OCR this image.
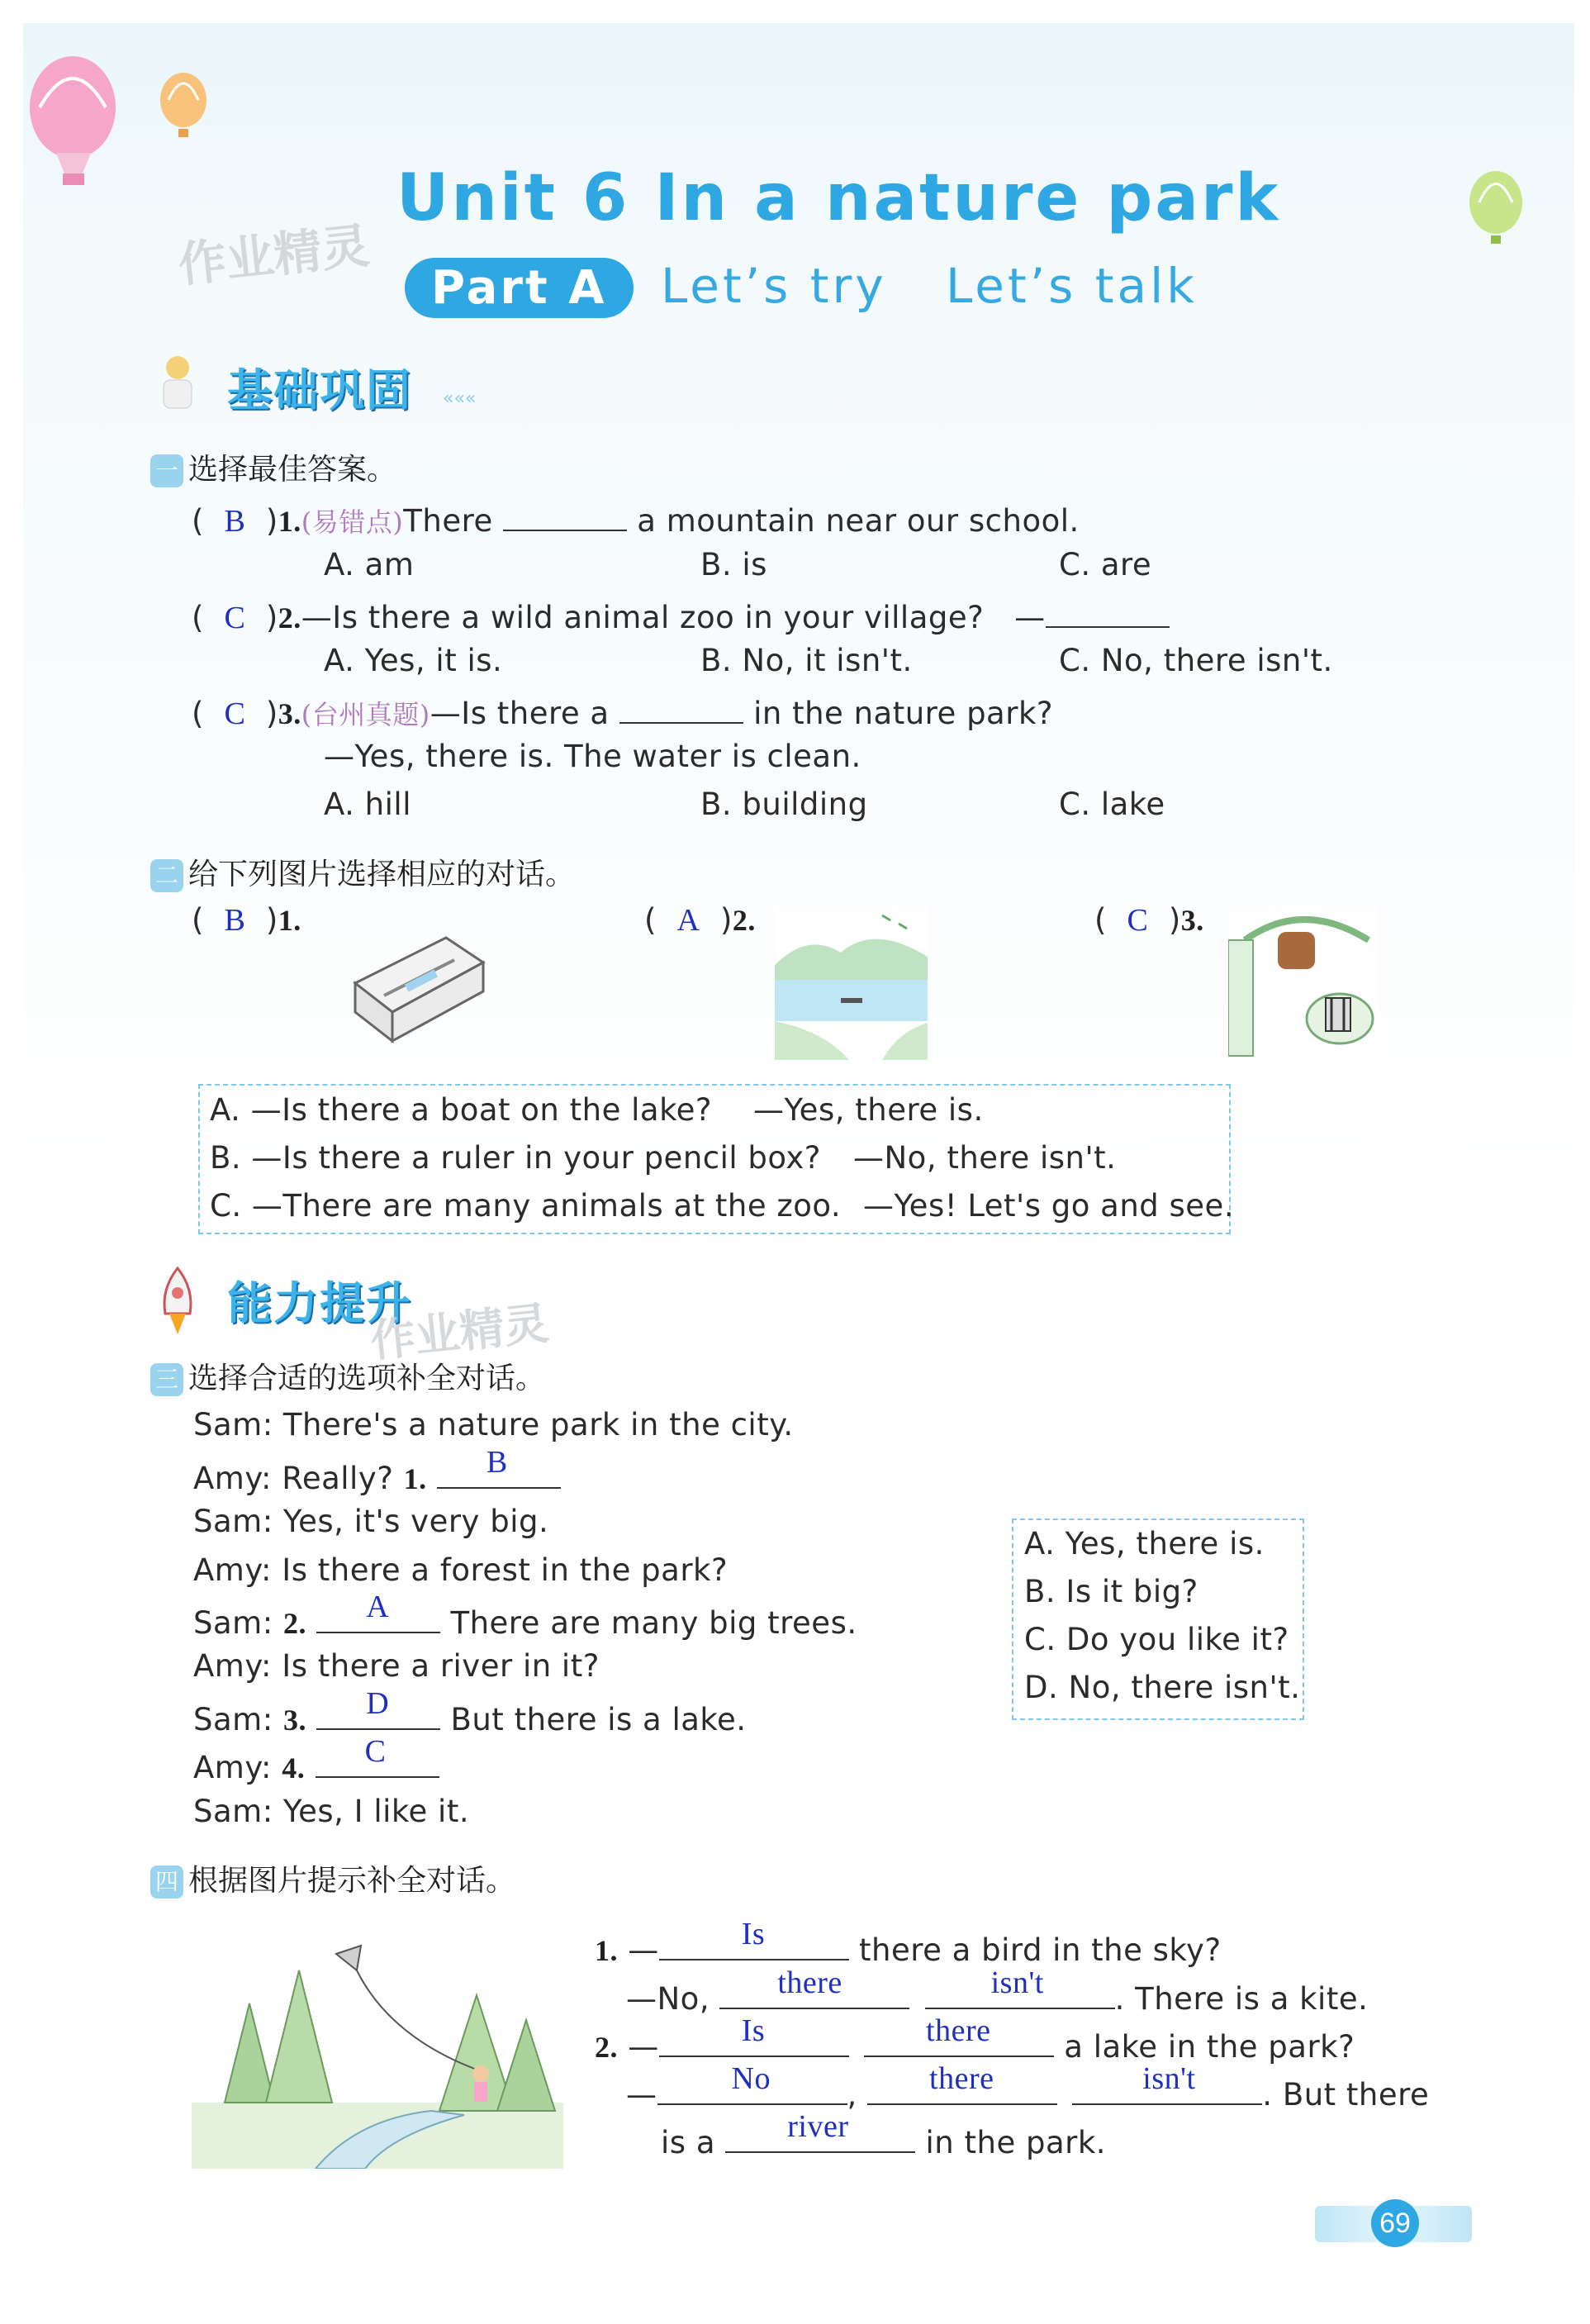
作业精灵
Unit 6 In a nature park
Part A	Let’s try Let’s talk
基础巩固 «««
一 选择最佳答案。
(  B  )1.(易错点)There	a mountain near our school.
A. am	B. is	C. are
(  C  )2.—Is there a wild animal zoo in your village? —
A. Yes, it is.	B. No, it isn't.	C. No, there isn't.
(  C  )3.(台州真题)—Is there a	in the nature park?
—Yes, there is. The water is clean.
A. hill	B. building	C. lake
二 给下列图片选择相应的对话。
(  B  )1.	(  A  )2.	(  C  )3.
A. —Is there a boat on the lake? —Yes, there is.
B. —Is there a ruler in your pencil box? —No, there isn't.
C. —There are many animals at the zoo. —Yes! Let's go and see.
能力提升
作业精灵
三 选择合适的选项补全对话。
Sam: There's a nature park in the city.
Amy: Really? 1. B
Sam: Yes, it's very big.
Amy: Is there a forest in the park?
Sam: 2. A There are many big trees.
Amy: Is there a river in it?
Sam: 3. D But there is a lake.
Amy: 4. C
Sam: Yes, I like it.
A. Yes, there is.
B. Is it big?
C. Do you like it?
D. No, there isn't.
四 根据图片提示补全对话。
1. —	Is	there a bird in the sky?
—No, there
	isn't . There is a kite.
2. —	Is
	there a lake in the park?
— No	, there
	isn't . But there
is a river	in the park.
69
